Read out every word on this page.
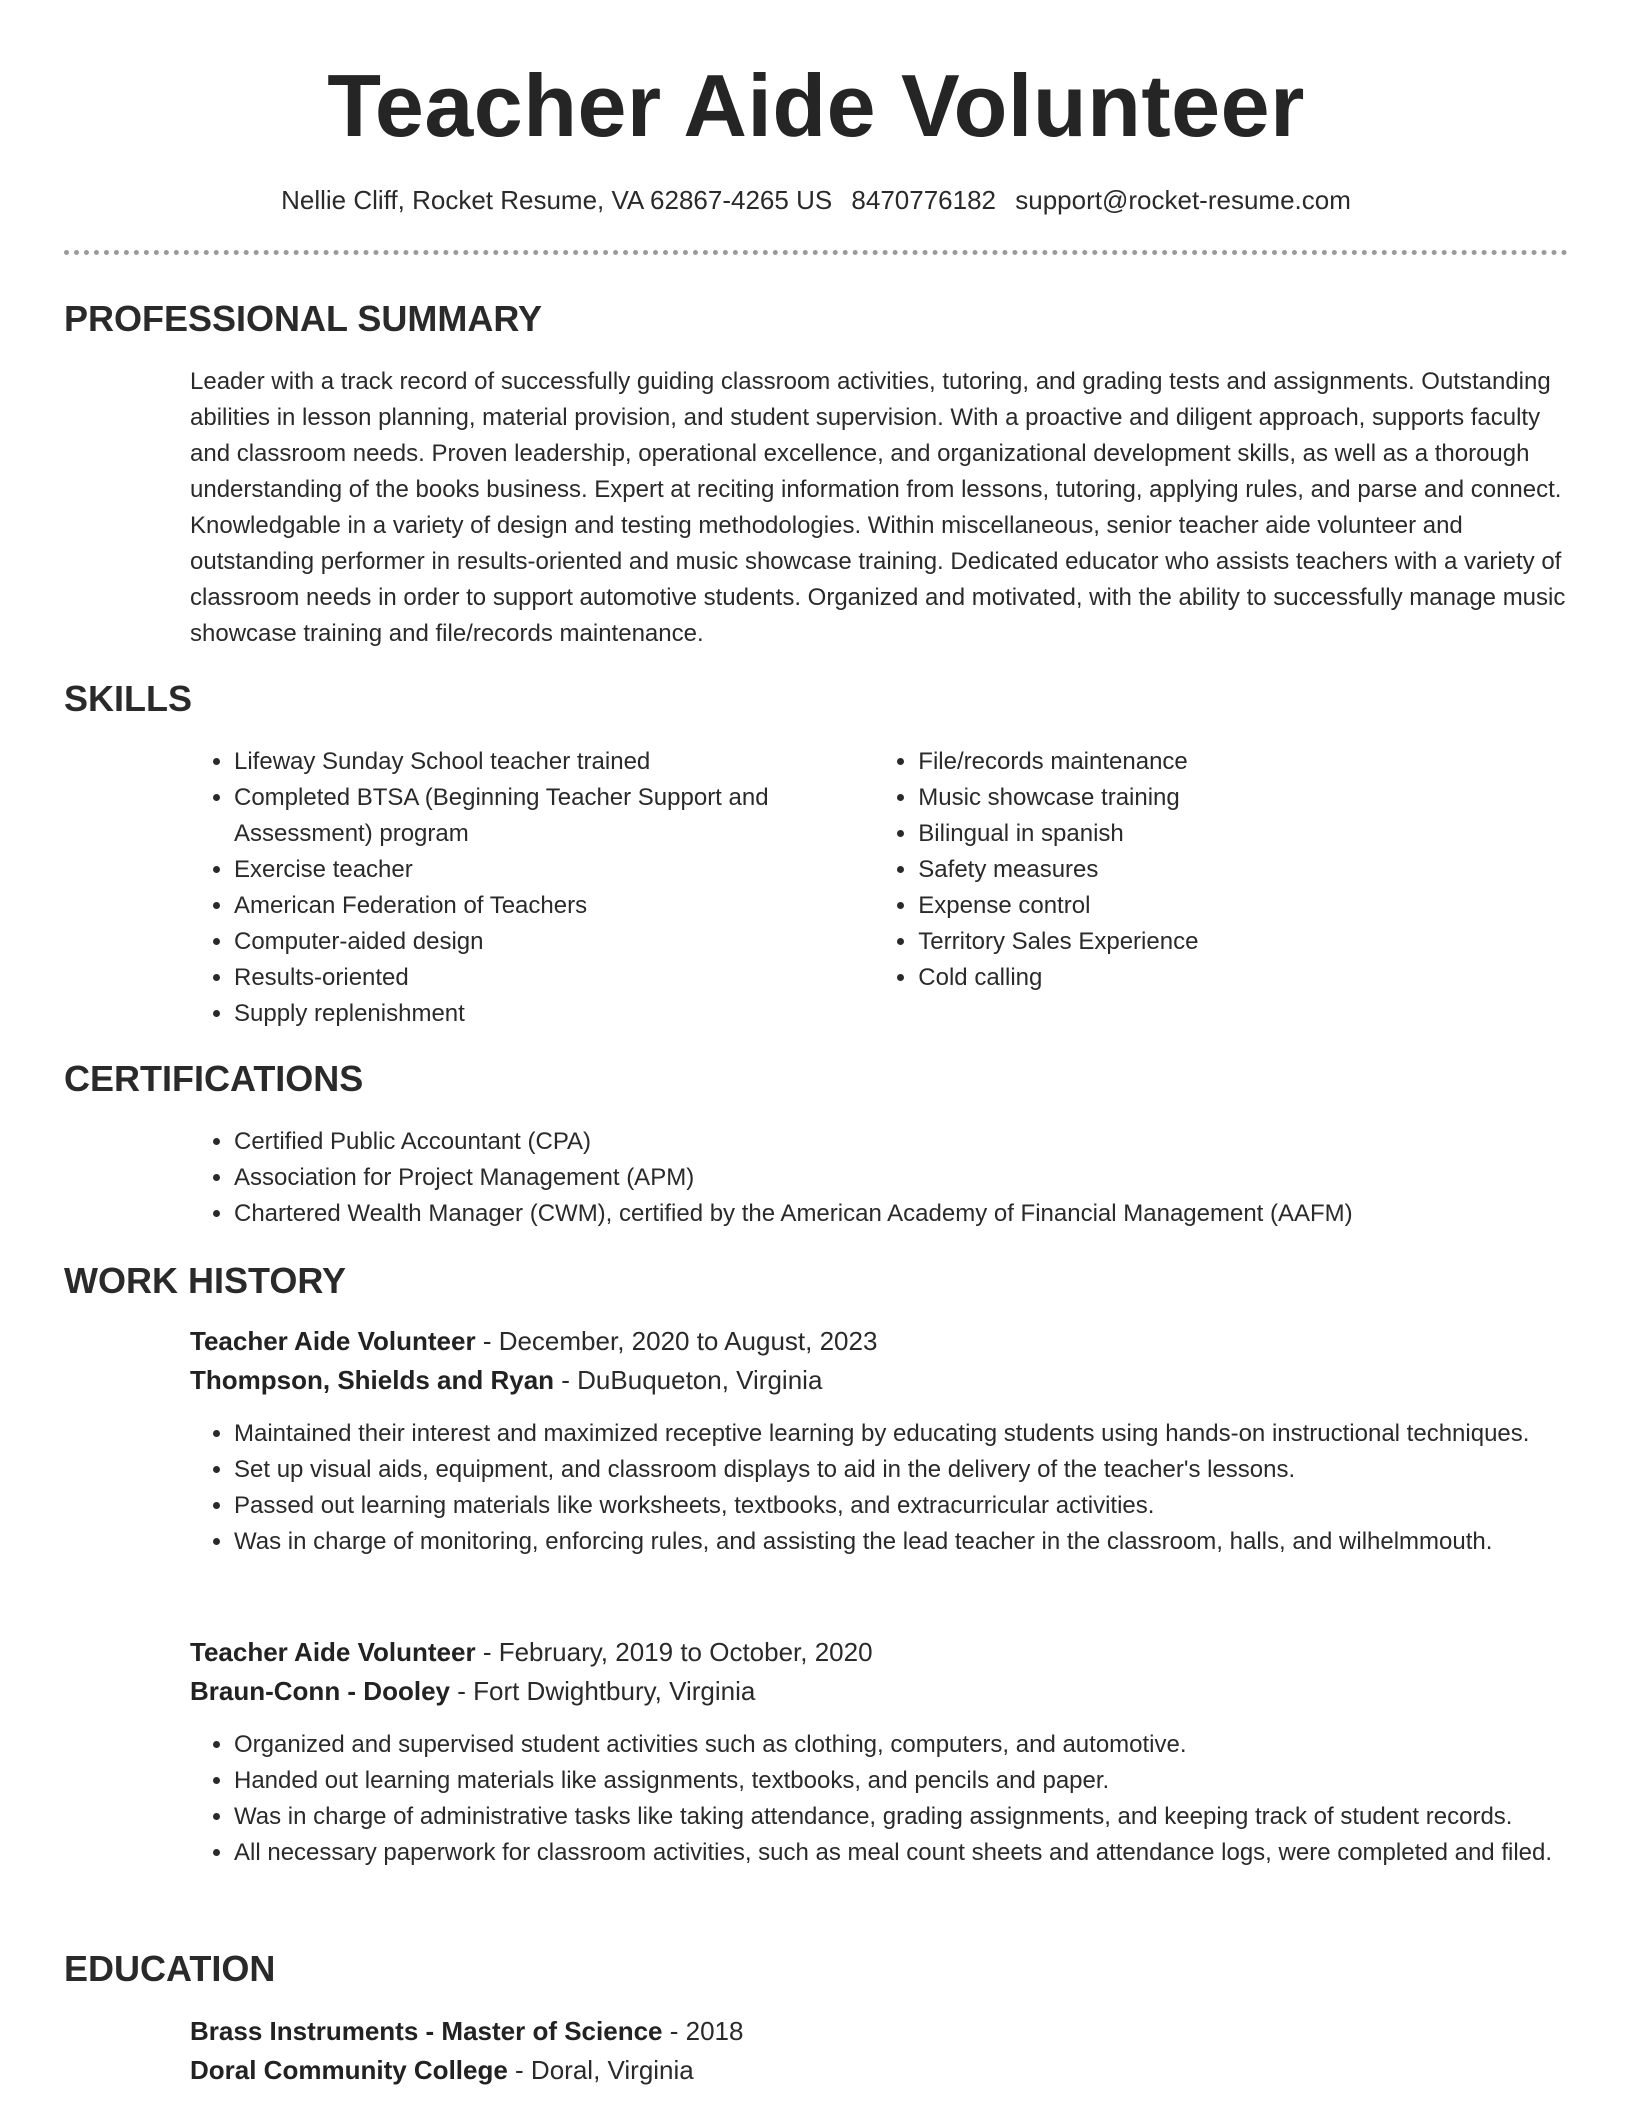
Teacher Aide Volunteer
Nellie Cliff, Rocket Resume, VA 62867-4265 US 8470776182 support@rocket-resume.com
PROFESSIONAL SUMMARY

Leader with a track record of successfully guiding classroom activities, tutoring, and grading tests and assignments. Outstanding abilities in lesson planning, material provision, and student supervision. With a proactive and diligent approach, supports faculty and classroom needs. Proven leadership, operational excellence, and organizational development skills, as well as a thorough understanding of the books business. Expert at reciting information from lessons, tutoring, applying rules, and parse and connect. Knowledgable in a variety of design and testing methodologies. Within miscellaneous, senior teacher aide volunteer and outstanding performer in results-oriented and music showcase training. Dedicated educator who assists teachers with a variety of classroom needs in order to support automotive students. Organized and motivated, with the ability to successfully manage music showcase training and file/records maintenance.

SKILLS
• Lifeway Sunday School teacher trained
• Completed BTSA (Beginning Teacher Support and Assessment) program
• Exercise teacher
• American Federation of Teachers
• Computer-aided design
• Results-oriented
• Supply replenishment
• File/records maintenance
• Music showcase training
• Bilingual in spanish
• Safety measures
• Expense control
• Territory Sales Experience
• Cold calling
CERTIFICATIONS
• Certified Public Accountant (CPA)
• Association for Project Management (APM)
• Chartered Wealth Manager (CWM), certified by the American Academy of Financial Management (AAFM)
WORK HISTORY

Teacher Aide Volunteer - December, 2020 to August, 2023

Thompson, Shields and Ryan - DuBuqueton, Virginia

• Maintained their interest and maximized receptive learning by educating students using hands-on instructional techniques.
• Set up visual aids, equipment, and classroom displays to aid in the delivery of the teacher's lessons.
• Passed out learning materials like worksheets, textbooks, and extracurricular activities.
• Was in charge of monitoring, enforcing rules, and assisting the lead teacher in the classroom, halls, and wilhelmmouth.

Teacher Aide Volunteer - February, 2019 to October, 2020

Braun-Conn - Dooley - Fort Dwightbury, Virginia

• Organized and supervised student activities such as clothing, computers, and automotive.
• Handed out learning materials like assignments, textbooks, and pencils and paper.
• Was in charge of administrative tasks like taking attendance, grading assignments, and keeping track of student records.
• All necessary paperwork for classroom activities, such as meal count sheets and attendance logs, were completed and filed.
EDUCATION

Brass Instruments - Master of Science - 2018

Doral Community College - Doral, Virginia
